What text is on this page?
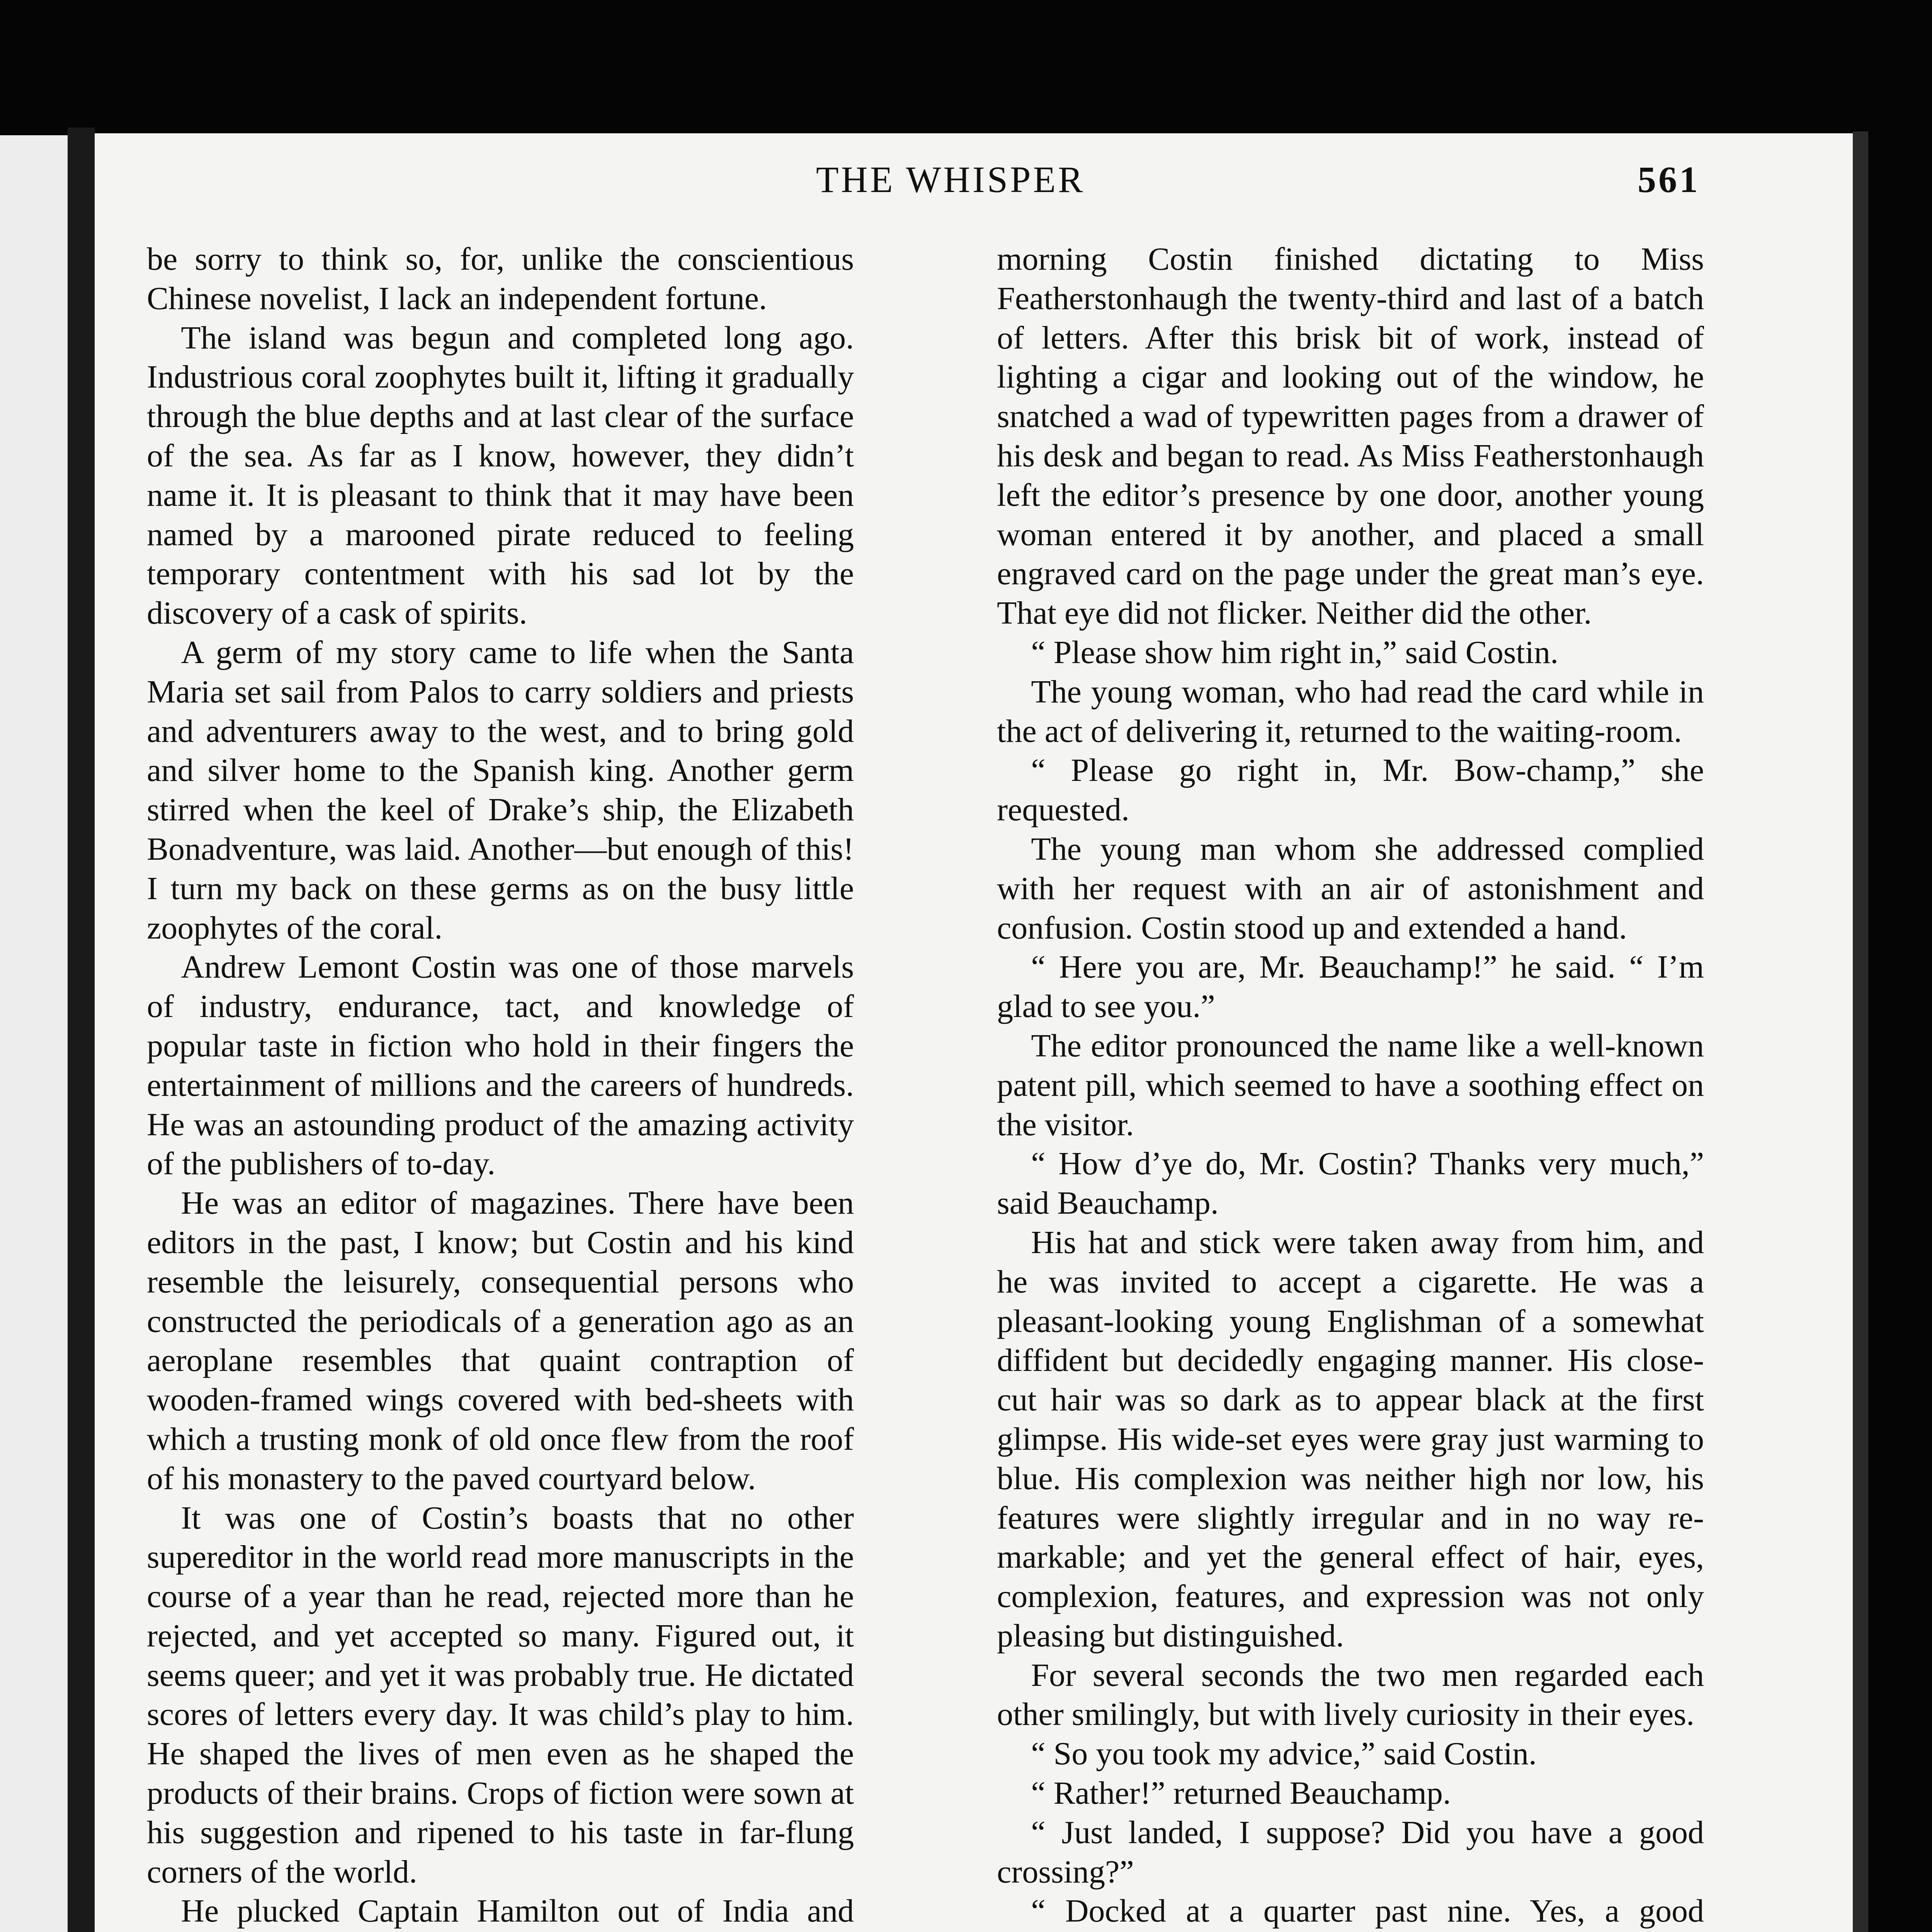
THE WHISPER	561

be sorry to think so, for, unlike the conscientious Chinese novelist, I lack an independent fortune.

The island was begun and completed long ago. Industrious coral zoophytes built it, lifting it gradually through the blue depths and at last clear of the surface of the sea. As far as I know, however, they didn’t name it. It is pleasant to think that it may have been named by a marooned pirate reduced to feeling temporary contentment with his sad lot by the discovery of a cask of spirits.

A germ of my story came to life when the Santa Maria set sail from Palos to carry soldiers and priests and adventurers away to the west, and to bring gold and silver home to the Spanish king. Another germ stirred when the keel of Drake’s ship, the Elizabeth Bonadventure, was laid. Another—but enough of this! I turn my back on these germs as on the busy little zoophytes of the coral.

Andrew Lemont Costin was one of those marvels of industry, endurance, tact, and knowledge of popular taste in fiction who hold in their fingers the entertainment of millions and the careers of hundreds. He was an astounding product of the amazing activity of the publishers of to-day.

He was an editor of magazines. There have been editors in the past, I know; but Costin and his kind resemble the leisurely, consequential persons who constructed the periodicals of a generation ago as an aeroplane resembles that quaint contraption of wooden-framed wings covered with bed-sheets with which a trusting monk of old once flew from the roof of his monastery to the paved courtyard below.

It was one of Costin’s boasts that no other supereditor in the world read more manuscripts in the course of a year than he read, rejected more than he rejected, and yet accepted so many. Figured out, it seems queer; and yet it was probably true. He dictated scores of letters every day. It was child’s play to him. He shaped the lives of men even as he shaped the products of their brains. Crops of fiction were sown at his suggestion and ripened to his taste in far-flung corners of the world.

He plucked Captain Hamilton out of India and

morning Costin finished dictating to Miss Featherstonhaugh the twenty-third and last of a batch of letters. After this brisk bit of work, instead of lighting a cigar and looking out of the window, he snatched a wad of typewritten pages from a drawer of his desk and began to read. As Miss Featherstonhaugh left the editor’s presence by one door, another young woman entered it by another, and placed a small engraved card on the page under the great man’s eye. That eye did not flicker. Neither did the other.

“ Please show him right in,” said Costin.

The young woman, who had read the card while in the act of delivering it, returned to the waiting-room.

“ Please go right in, Mr. Bow-champ,” she requested.

The young man whom she addressed complied with her request with an air of astonishment and confusion. Costin stood up and extended a hand.

“ Here you are, Mr. Beauchamp!” he said. “ I’m glad to see you.”

The editor pronounced the name like a well-known patent pill, which seemed to have a soothing effect on the visitor.

“ How d’ye do, Mr. Costin? Thanks very much,” said Beauchamp.

His hat and stick were taken away from him, and he was invited to accept a cigarette. He was a pleasant-looking young Englishman of a somewhat diffident but decidedly engaging manner. His close-cut hair was so dark as to appear black at the first glimpse. His wide-set eyes were gray just warming to blue. His complexion was neither high nor low, his features were slightly irregular and in no way remarkable; and yet the general effect of hair, eyes, complexion, features, and expression was not only pleasing but distinguished.

For several seconds the two men regarded each other smilingly, but with lively curiosity in their eyes.

“ So you took my advice,” said Costin.

“ Rather!” returned Beauchamp.

“ Just landed, I suppose? Did you have a good crossing?”

“ Docked at a quarter past nine. Yes, a good
